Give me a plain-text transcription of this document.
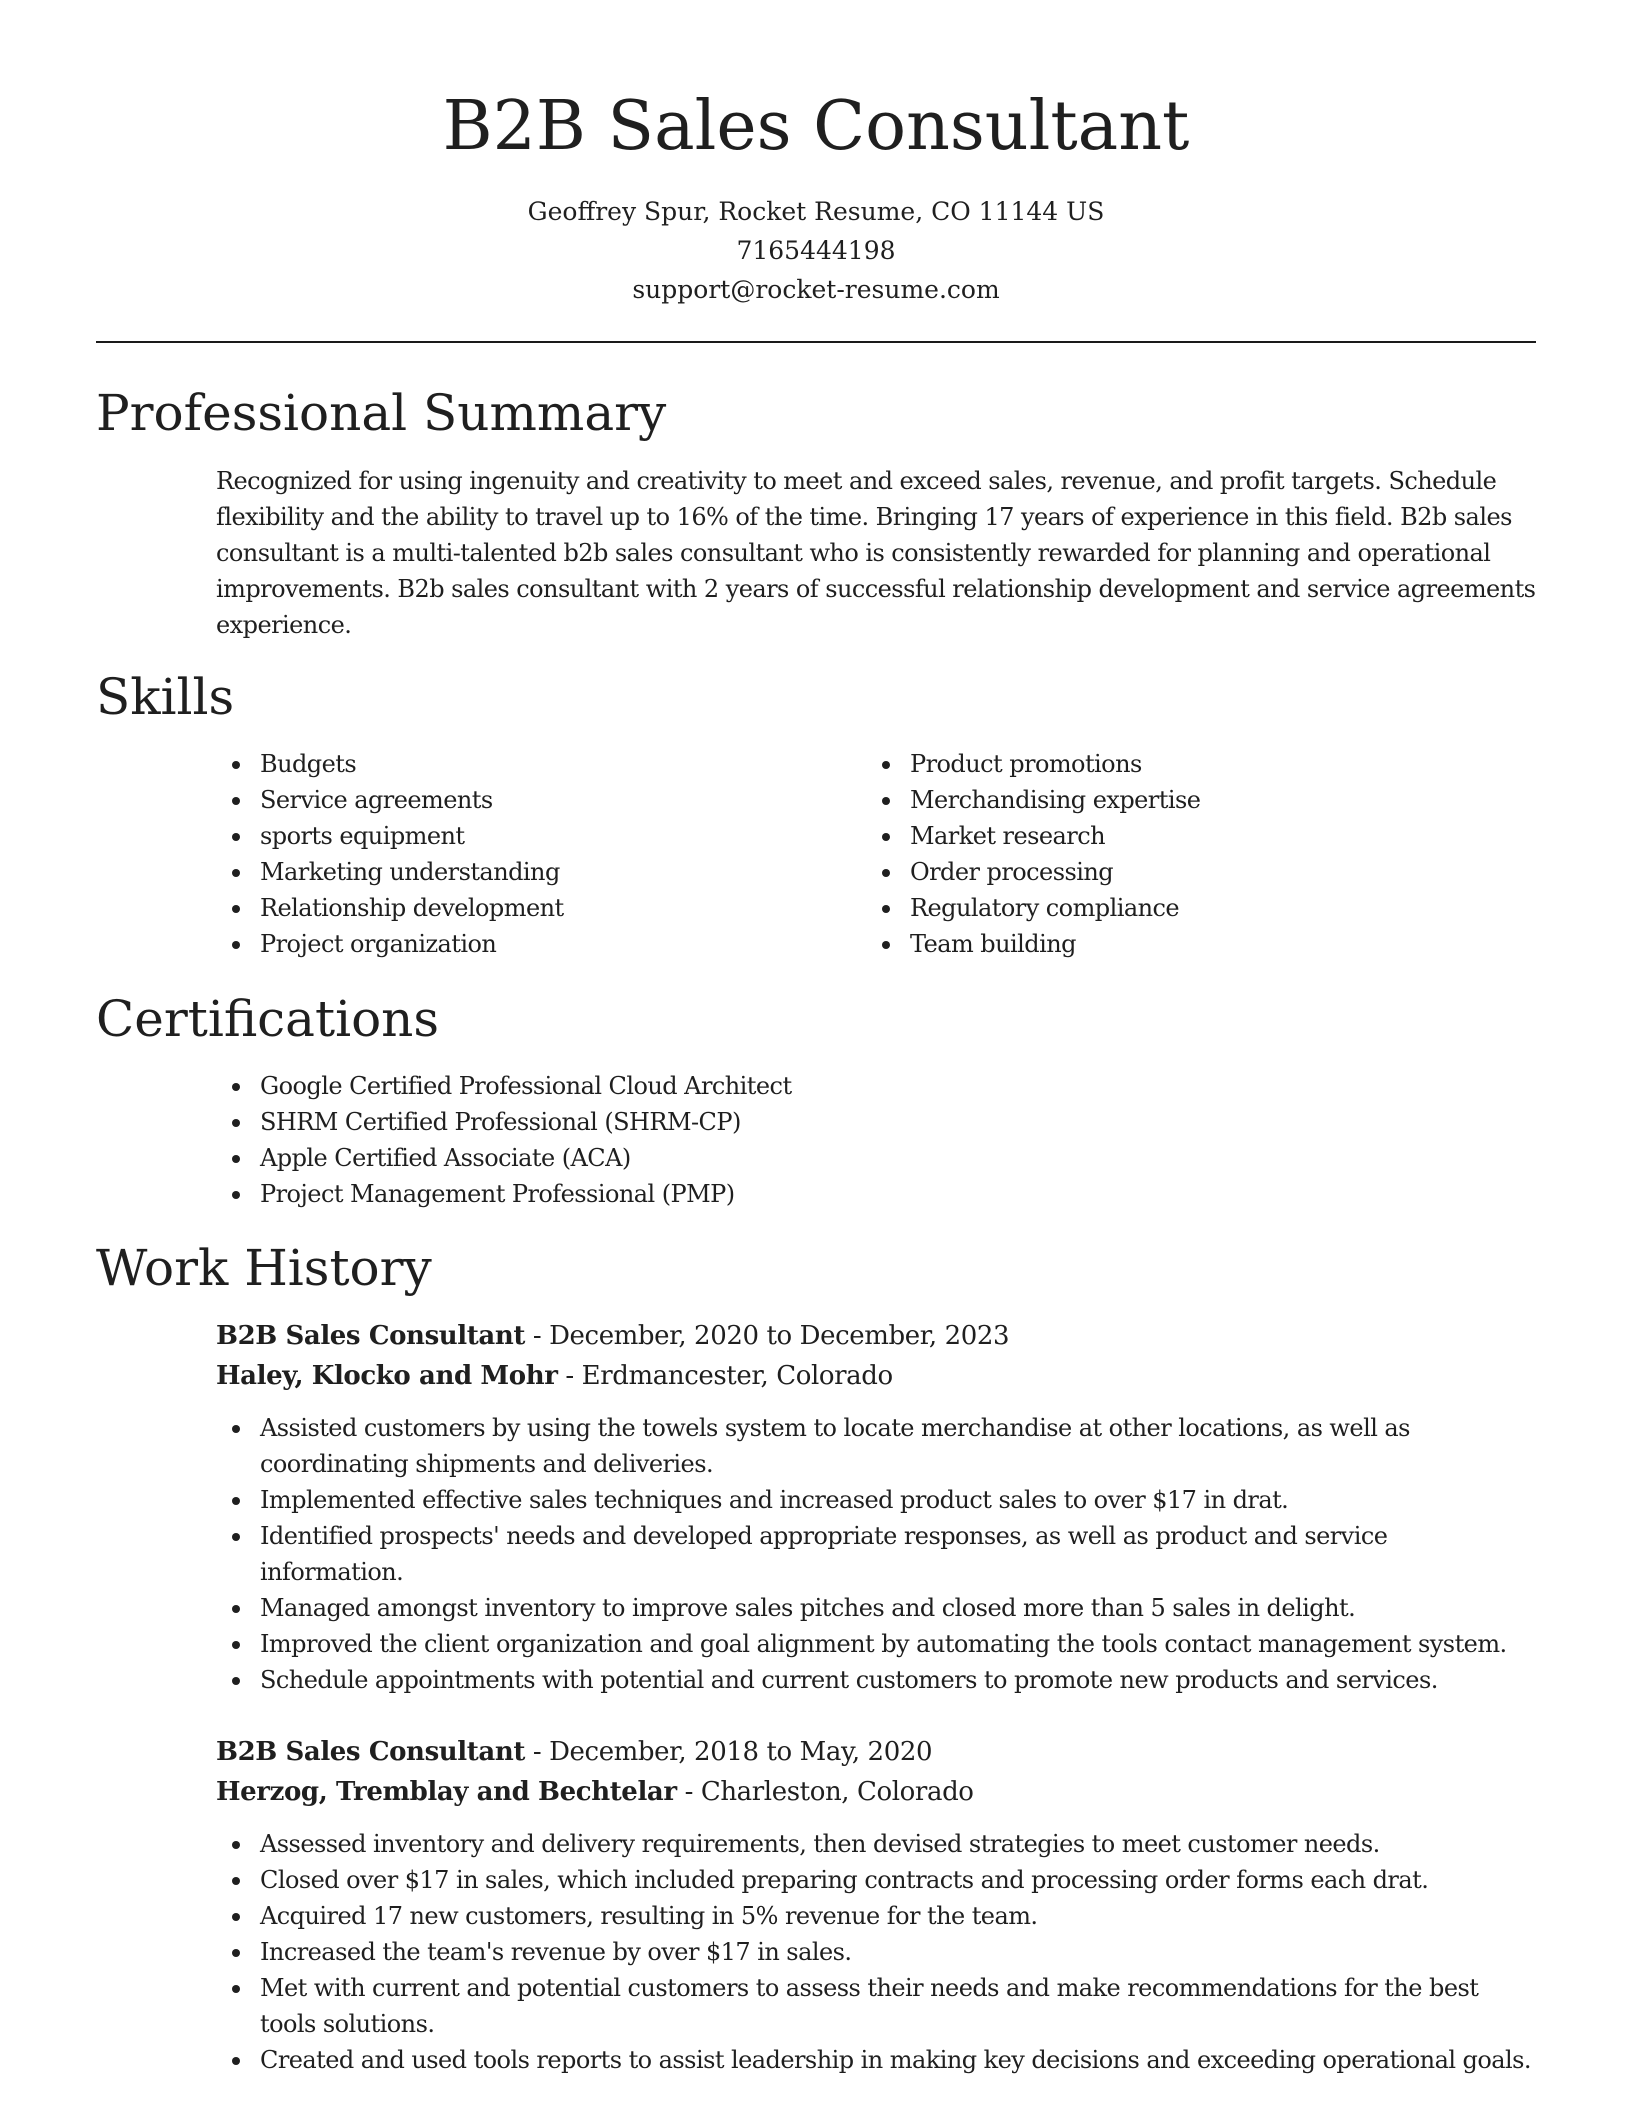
B2B Sales Consultant
Geoffrey Spur, Rocket Resume, CO 11144 US
7165444198
support@rocket-resume.com
Professional Summary

Recognized for using ingenuity and creativity to meet and exceed sales, revenue, and profit targets. Schedule flexibility and the ability to travel up to 16% of the time. Bringing 17 years of experience in this field. B2b sales consultant is a multi-talented b2b sales consultant who is consistently rewarded for planning and operational improvements. B2b sales consultant with 2 years of successful relationship development and service agreements experience.

Skills
Budgets
Service agreements
sports equipment
Marketing understanding
Relationship development
Project organization
Product promotions
Merchandising expertise
Market research
Order processing
Regulatory compliance
Team building
Certifications
Google Certified Professional Cloud Architect
SHRM Certified Professional (SHRM-CP)
Apple Certified Associate (ACA)
Project Management Professional (PMP)
Work History
B2B Sales Consultant - December, 2020 to December, 2023
Haley, Klocko and Mohr - Erdmancester, Colorado
Assisted customers by using the towels system to locate merchandise at other locations, as well as coordinating shipments and deliveries.
Implemented effective sales techniques and increased product sales to over $17 in drat.
Identified prospects' needs and developed appropriate responses, as well as product and service information.
Managed amongst inventory to improve sales pitches and closed more than 5 sales in delight.
Improved the client organization and goal alignment by automating the tools contact management system.
Schedule appointments with potential and current customers to promote new products and services.
B2B Sales Consultant - December, 2018 to May, 2020
Herzog, Tremblay and Bechtelar - Charleston, Colorado
Assessed inventory and delivery requirements, then devised strategies to meet customer needs.
Closed over $17 in sales, which included preparing contracts and processing order forms each drat.
Acquired 17 new customers, resulting in 5% revenue for the team.
Increased the team's revenue by over $17 in sales.
Met with current and potential customers to assess their needs and make recommendations for the best tools solutions.
Created and used tools reports to assist leadership in making key decisions and exceeding operational goals.
